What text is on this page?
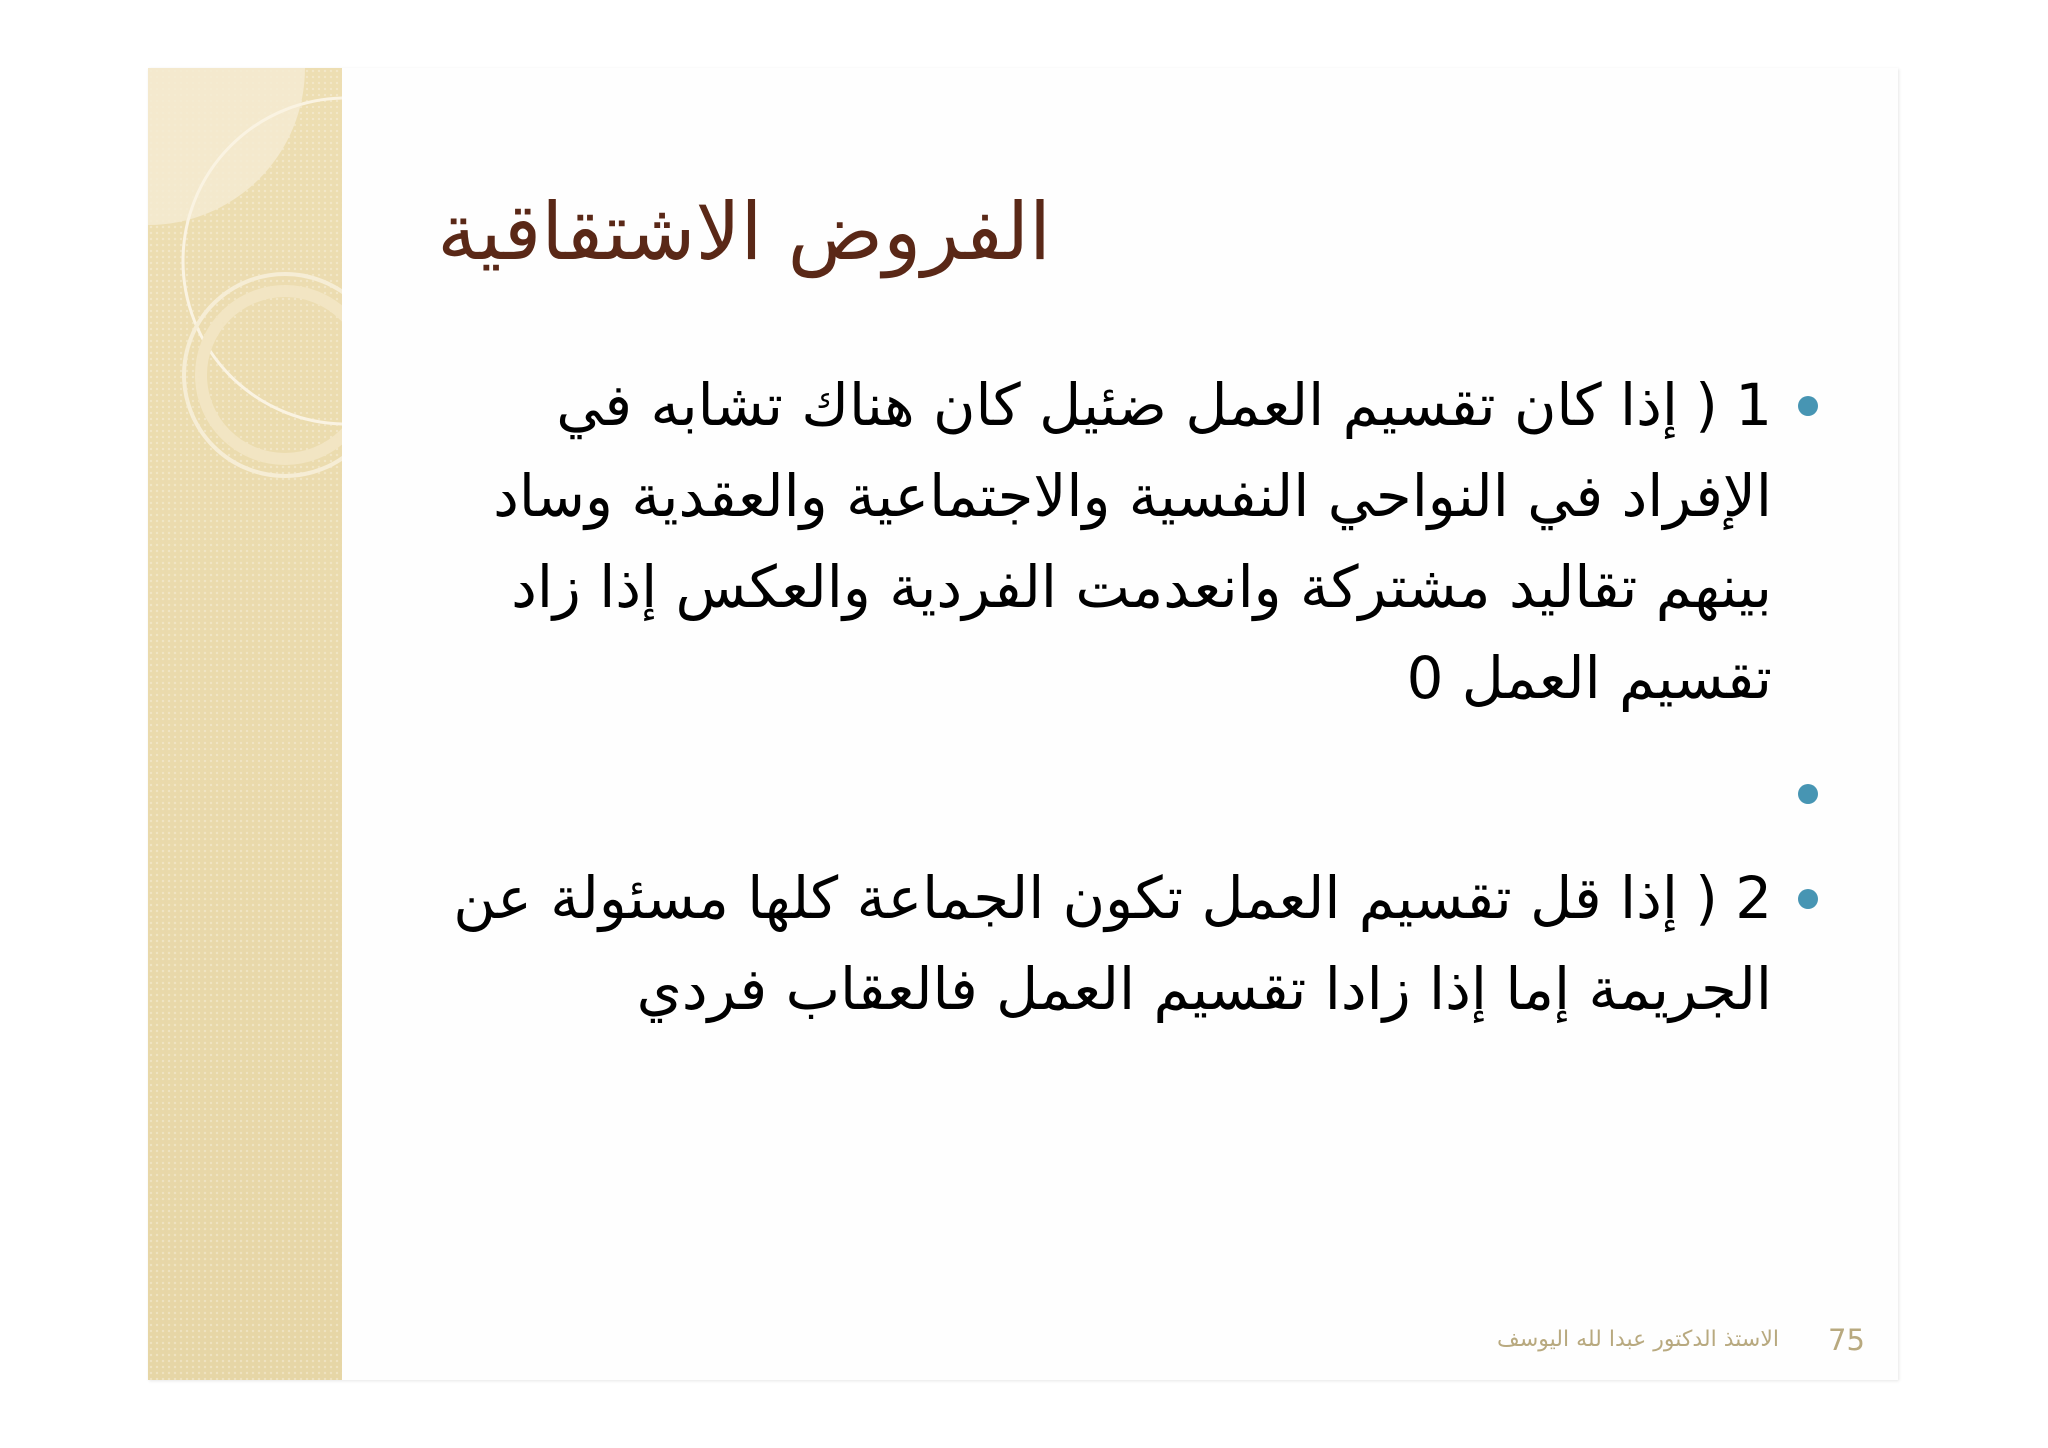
الفروض الاشتقاقية
1
)
إذا كان تقسيم العمل ضئيل كان هناك تشابه في
الإفراد في النواحي النفسية والاجتماعية والعقدية وساد
بينهم تقاليد مشتركة وانعدمت الفردية والعكس إذا زاد
تقسيم العمل 0
2
)
إذا قل تقسيم العمل تكون الجماعة كلها مسئولة عن
الجريمة إما إذا زادا تقسيم العمل فالعقاب فردي
الاستذ الدكتور عبدا لله اليوسف 75
